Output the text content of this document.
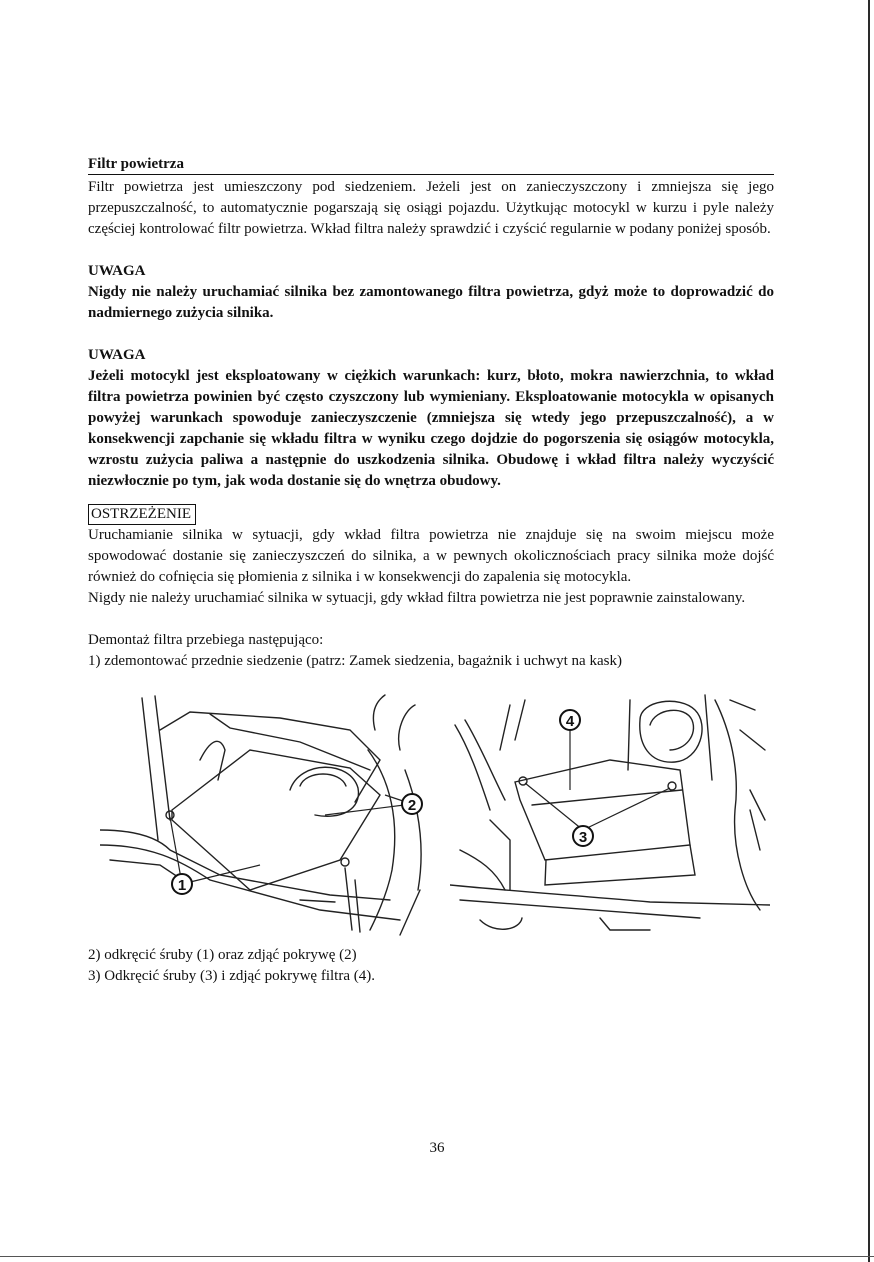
Filtr powietrza

Filtr powietrza jest umieszczony pod siedzeniem. Jeżeli jest on zanieczyszczony i zmniejsza się jego przepuszczalność, to automatycznie pogarszają się osiągi pojazdu. Użytkując motocykl w kurzu i pyle należy częściej kontrolować filtr powietrza. Wkład filtra należy sprawdzić i czyścić regularnie w podany poniżej sposób.

UWAGA

Nigdy nie należy uruchamiać silnika bez zamontowanego filtra powietrza, gdyż może to doprowadzić do nadmiernego zużycia silnika.

UWAGA

Jeżeli motocykl jest eksploatowany w ciężkich warunkach: kurz, błoto, mokra nawierzchnia, to wkład filtra powietrza powinien być często czyszczony lub wymieniany. Eksploatowanie motocykla w opisanych powyżej warunkach spowoduje zanieczyszczenie (zmniejsza się wtedy jego przepuszczalność), a w konsekwencji zapchanie się wkładu filtra w wyniku czego dojdzie do pogorszenia się osiągów motocykla, wzrostu zużycia paliwa a następnie do uszkodzenia silnika. Obudowę i wkład filtra należy wyczyścić niezwłocznie po tym, jak woda dostanie się do wnętrza obudowy.

OSTRZEŻENIE

Uruchamianie silnika w sytuacji, gdy wkład filtra powietrza nie znajduje się na swoim miejscu może spowodować dostanie się zanieczyszczeń do silnika, a w pewnych okolicznościach pracy silnika może dojść również do cofnięcia się płomienia z silnika i w konsekwencji do zapalenia się motocykla.

Nigdy nie należy uruchamiać silnika w sytuacji, gdy wkład filtra powietrza nie jest poprawnie zainstalowany.

Demontaż filtra przebiega następująco:

1) zdemontować przednie siedzenie (patrz: Zamek siedzenia, bagażnik i uchwyt na kask)

1
2
4
3

2) odkręcić śruby (1) oraz zdjąć pokrywę (2)

3) Odkręcić śruby (3) i zdjąć pokrywę filtra (4).

36
